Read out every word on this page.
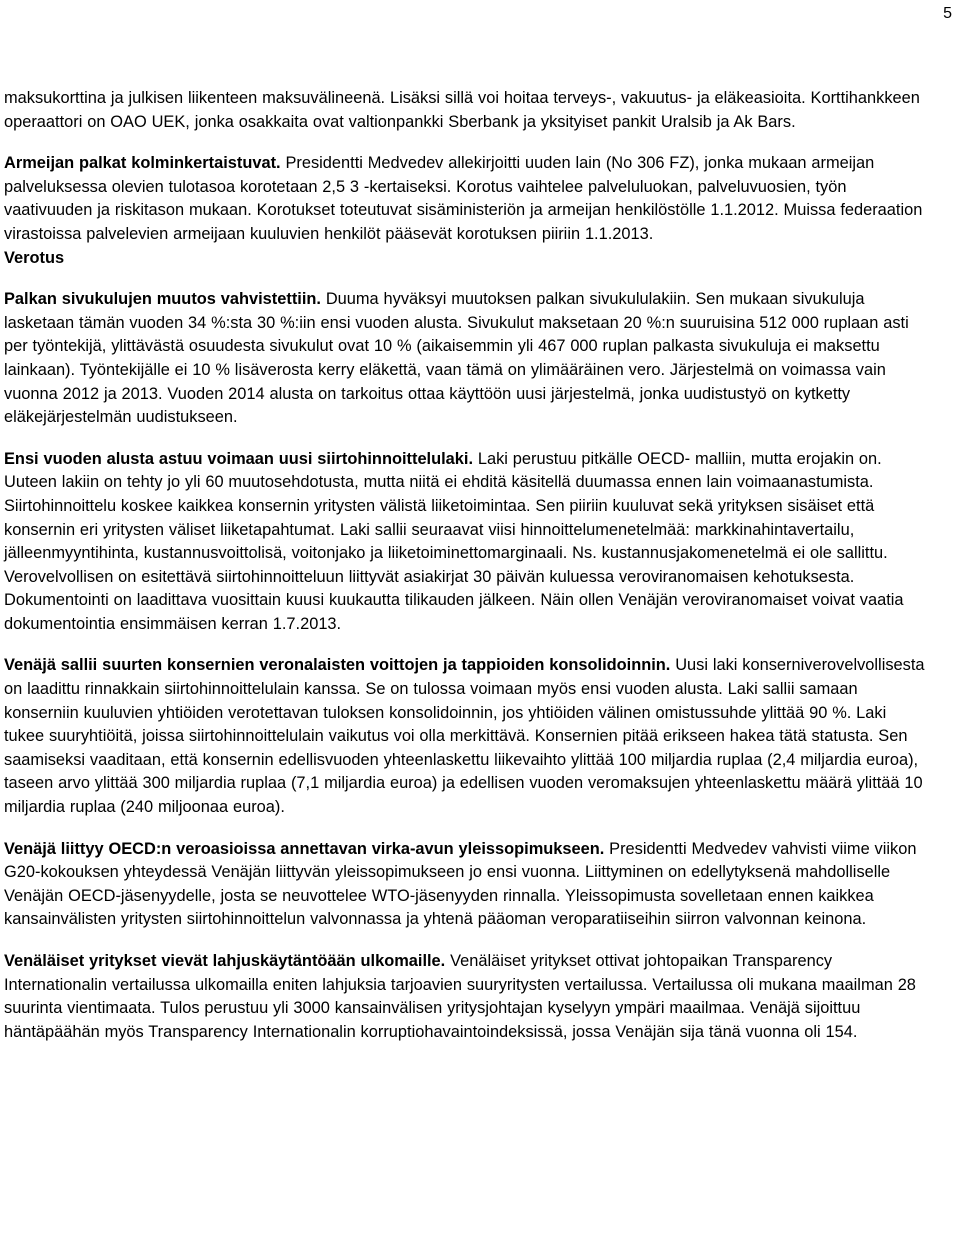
5

maksukorttina ja julkisen liikenteen maksuvälineenä. Lisäksi sillä voi hoitaa terveys-, vakuutus- ja eläkeasioita. Korttihankkeen operaattori on OAO UEK, jonka osakkaita ovat valtionpankki Sberbank ja yksityiset pankit Uralsib ja Ak Bars.

Armeijan palkat kolminkertaistuvat. Presidentti Medvedev allekirjoitti uuden lain (No 306 FZ), jonka mukaan armeijan palveluksessa olevien tulotasoa korotetaan 2,5 3 -kertaiseksi. Korotus vaihtelee palveluluokan, palveluvuosien, työn vaativuuden ja riskitason mukaan. Korotukset toteutuvat sisäministeriön ja armeijan henkilöstölle 1.1.2012. Muissa federaation virastoissa palvelevien armeijaan kuuluvien henkilöt pääsevät korotuksen piiriin 1.1.2013.

Verotus

Palkan sivukulujen muutos vahvistettiin. Duuma hyväksyi muutoksen palkan sivukululakiin. Sen mukaan sivukuluja lasketaan tämän vuoden 34 %:sta 30 %:iin ensi vuoden alusta. Sivukulut maksetaan 20 %:n suuruisina 512 000 ruplaan asti per työntekijä, ylittävästä osuudesta sivukulut ovat 10 % (aikaisemmin yli 467 000 ruplan palkasta sivukuluja ei maksettu lainkaan). Työntekijälle ei 10 % lisäverosta kerry eläkettä, vaan tämä on ylimääräinen vero. Järjestelmä on voimassa vain vuonna 2012 ja 2013. Vuoden 2014 alusta on tarkoitus ottaa käyttöön uusi järjestelmä, jonka uudistustyö on kytketty eläkejärjestelmän uudistukseen.

Ensi vuoden alusta astuu voimaan uusi siirtohinnoittelulaki. Laki perustuu pitkälle OECD- malliin, mutta erojakin on. Uuteen lakiin on tehty jo yli 60 muutosehdotusta, mutta niitä ei ehditä käsitellä duumassa ennen lain voimaanastumista. Siirtohinnoittelu koskee kaikkea konsernin yritysten välistä liiketoimintaa. Sen piiriin kuuluvat sekä yrityksen sisäiset että konsernin eri yritysten väliset liiketapahtumat. Laki sallii seuraavat viisi hinnoittelumenetelmää: markkinahintavertailu, jälleenmyyntihinta, kustannusvoittolisä, voitonjako ja liiketoiminettomarginaali. Ns. kustannusjakomenetelmä ei ole sallittu. Verovelvollisen on esitettävä siirtohinnoitteluun liittyvät asiakirjat 30 päivän kuluessa veroviranomaisen kehotuksesta. Dokumentointi on laadittava vuosittain kuusi kuukautta tilikauden jälkeen. Näin ollen Venäjän veroviranomaiset voivat vaatia dokumentointia ensimmäisen kerran 1.7.2013.

Venäjä sallii suurten konsernien veronalaisten voittojen ja tappioiden konsolidoinnin. Uusi laki konserniverovelvollisesta on laadittu rinnakkain siirtohinnoittelulain kanssa. Se on tulossa voimaan myös ensi vuoden alusta. Laki sallii samaan konserniin kuuluvien yhtiöiden verotettavan tuloksen konsolidoinnin, jos yhtiöiden välinen omistussuhde ylittää 90 %. Laki tukee suuryhtiöitä, joissa siirtohinnoittelulain vaikutus voi olla merkittävä. Konsernien pitää erikseen hakea tätä statusta. Sen saamiseksi vaaditaan, että konsernin edellisvuoden yhteenlaskettu liikevaihto ylittää 100 miljardia ruplaa (2,4 miljardia euroa), taseen arvo ylittää 300 miljardia ruplaa (7,1 miljardia euroa) ja edellisen vuoden veromaksujen yhteenlaskettu määrä ylittää 10 miljardia ruplaa (240 miljoonaa euroa).

Venäjä liittyy OECD:n veroasioissa annettavan virka-avun yleissopimukseen. Presidentti Medvedev vahvisti viime viikon G20-kokouksen yhteydessä Venäjän liittyvän yleissopimukseen jo ensi vuonna. Liittyminen on edellytyksenä mahdolliselle Venäjän OECD-jäsenyydelle, josta se neuvottelee WTO-jäsenyyden rinnalla. Yleissopimusta sovelletaan ennen kaikkea kansainvälisten yritysten siirtohinnoittelun valvonnassa ja yhtenä pääoman veroparatiiseihin siirron valvonnan keinona.

Venäläiset yritykset vievät lahjuskäytäntöään ulkomaille. Venäläiset yritykset ottivat johtopaikan Transparency Internationalin vertailussa ulkomailla eniten lahjuksia tarjoavien suuryritysten vertailussa. Vertailussa oli mukana maailman 28 suurinta vientimaata. Tulos perustuu yli 3000 kansainvälisen yritysjohtajan kyselyyn ympäri maailmaa. Venäjä sijoittuu häntäpäähän myös Transparency Internationalin korruptiohavaintoindeksissä, jossa Venäjän sija tänä vuonna oli 154.
